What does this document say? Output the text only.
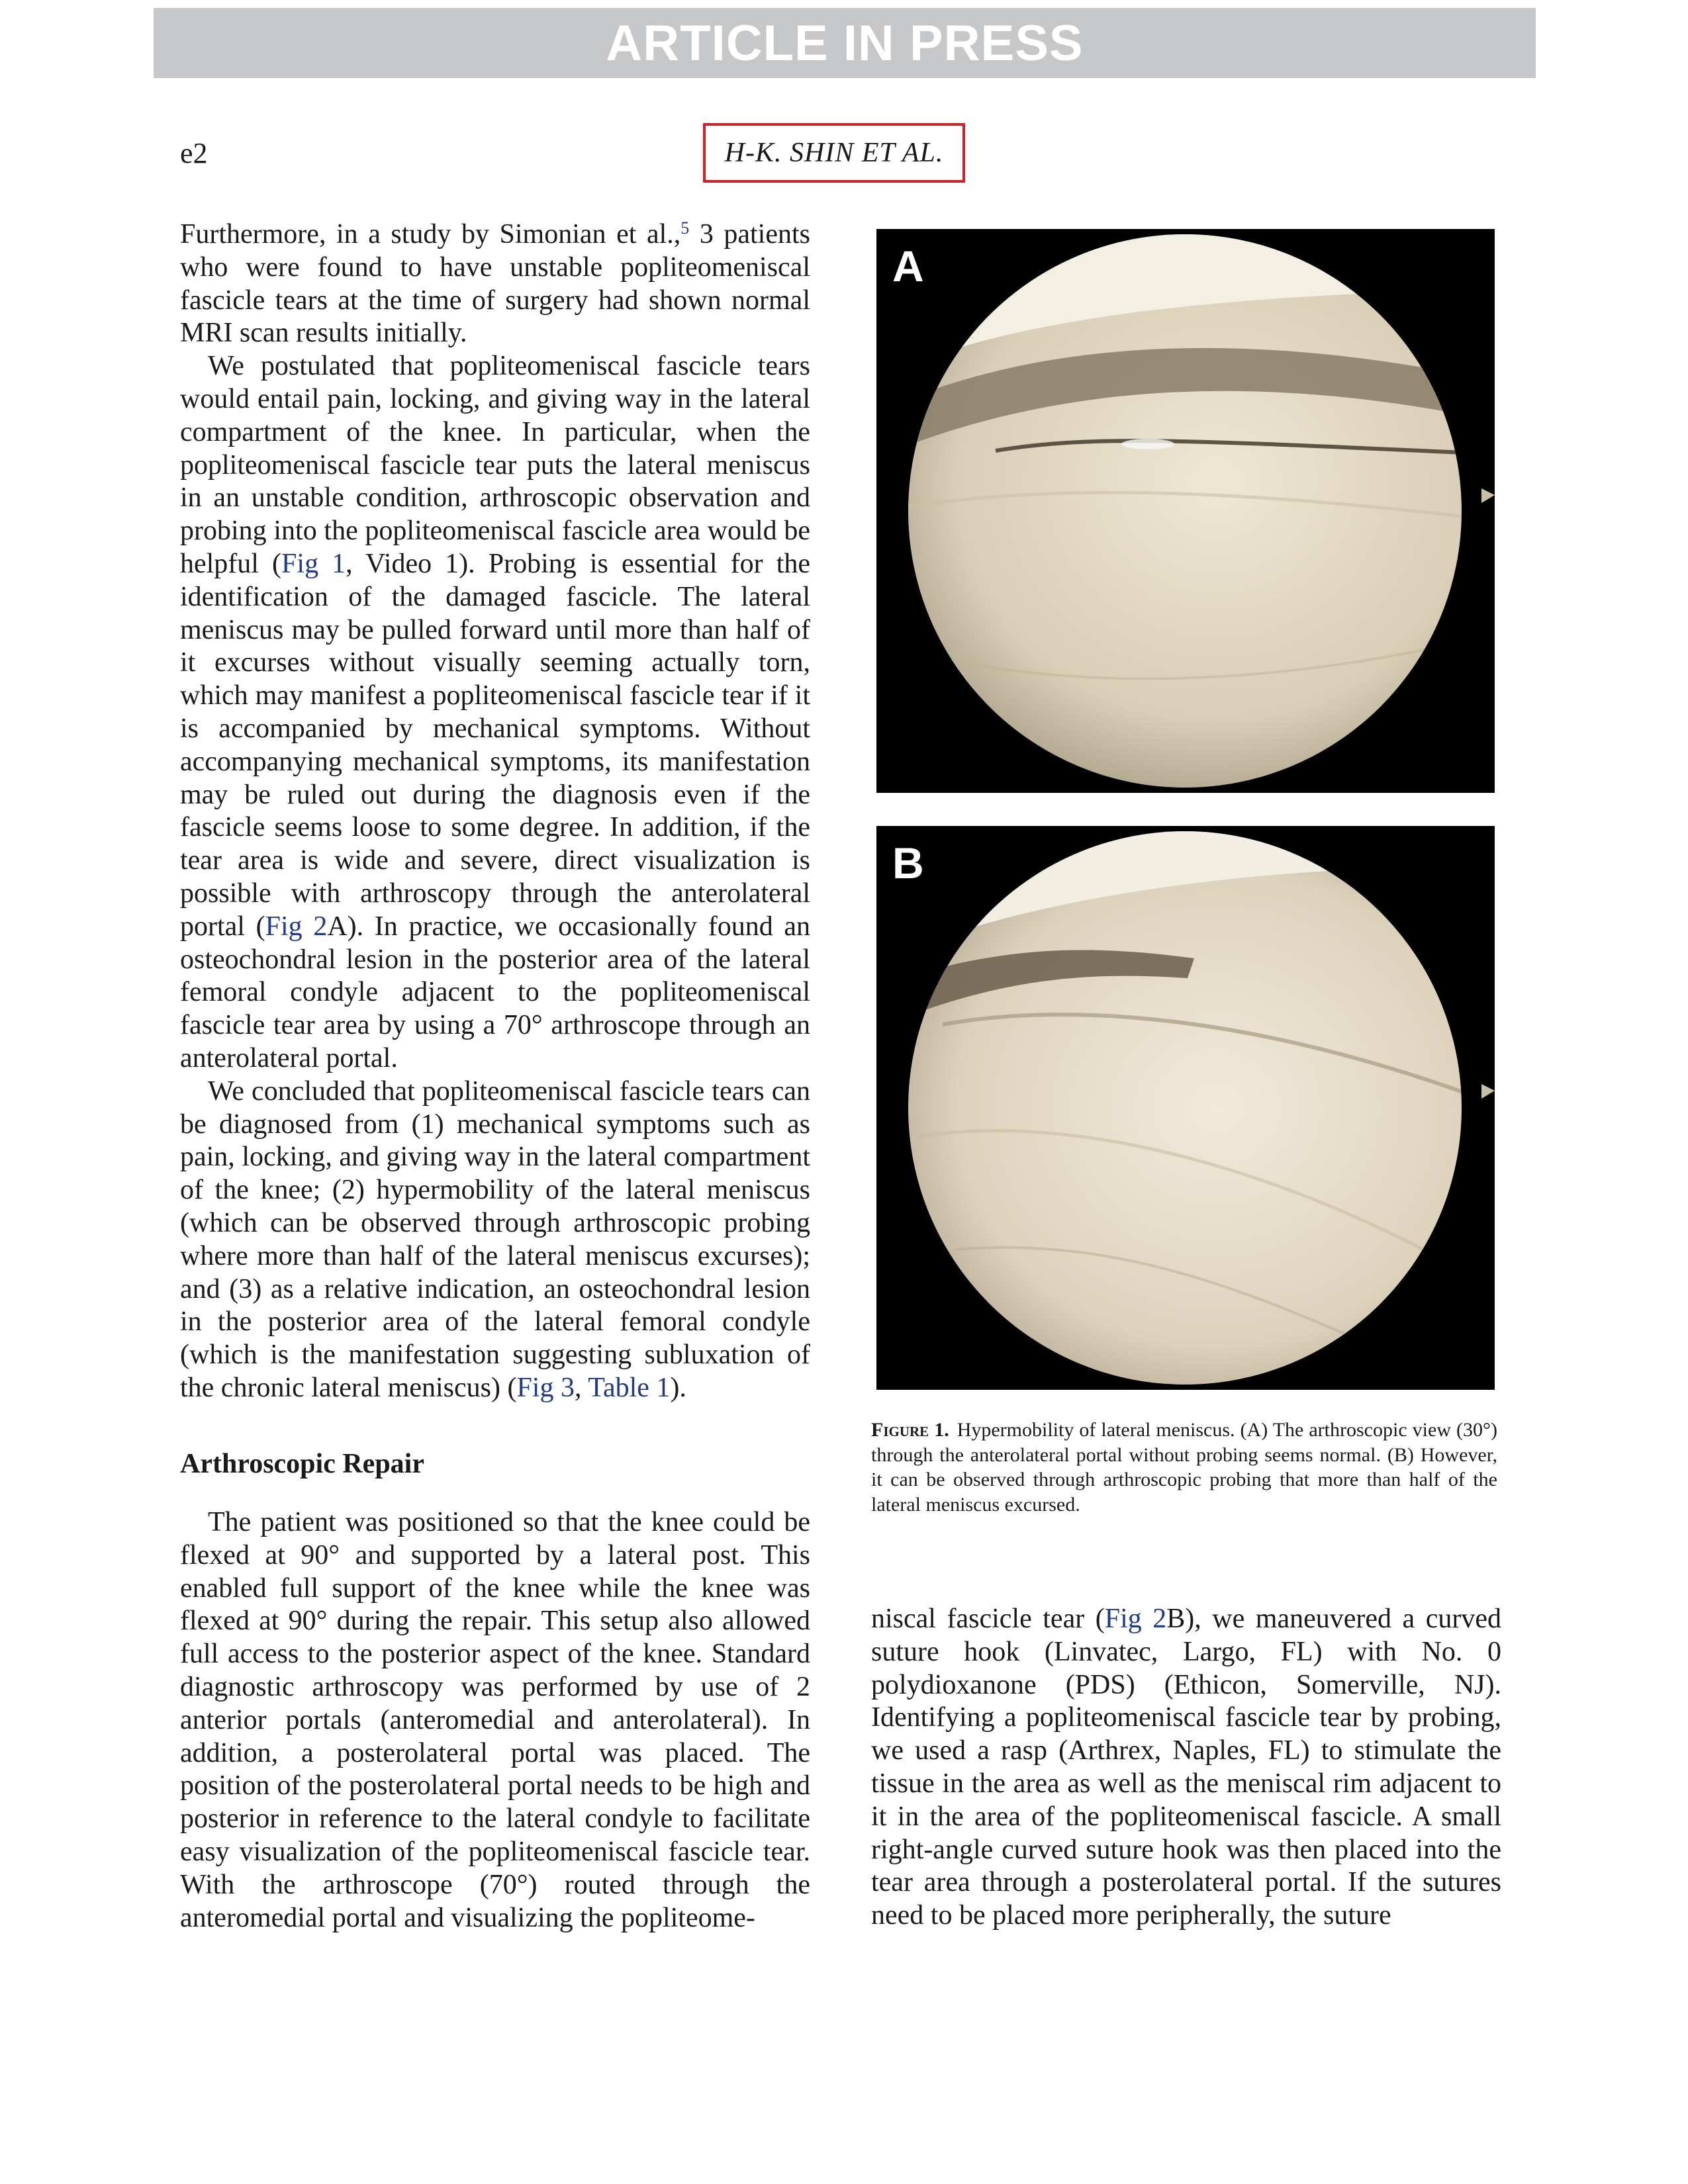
ARTICLE IN PRESS
e2	H-K. SHIN ET AL.

Furthermore, in a study by Simonian et al.,$^5$ 3 patients who were found to have unstable popliteomeniscal fascicle tears at the time of surgery had shown normal MRI scan results initially.

We postulated that popliteomeniscal fascicle tears would entail pain, locking, and giving way in the lateral compartment of the knee. In particular, when the popliteomeniscal fascicle tear puts the lateral meniscus in an unstable condition, arthroscopic observation and probing into the popliteomeniscal fascicle area would be helpful (Fig 1, Video 1). Probing is essential for the identification of the damaged fascicle. The lateral meniscus may be pulled forward until more than half of it excurses without visually seeming actually torn, which may manifest a popliteomeniscal fascicle tear if it is accompanied by mechanical symptoms. Without accompanying mechanical symptoms, its manifestation may be ruled out during the diagnosis even if the fascicle seems loose to some degree. In addition, if the tear area is wide and severe, direct visualization is possible with arthroscopy through the anterolateral portal (Fig 2A). In practice, we occasionally found an osteochondral lesion in the posterior area of the lateral femoral condyle adjacent to the popliteomeniscal fascicle tear area by using a 70° arthroscope through an anterolateral portal.

We concluded that popliteomeniscal fascicle tears can be diagnosed from (1) mechanical symptoms such as pain, locking, and giving way in the lateral compartment of the knee; (2) hypermobility of the lateral meniscus (which can be observed through arthroscopic probing where more than half of the lateral meniscus excurses); and (3) as a relative indication, an osteochondral lesion in the posterior area of the lateral femoral condyle (which is the manifestation suggesting subluxation of the chronic lateral meniscus) (Fig 3, Table 1).

Arthroscopic Repair

The patient was positioned so that the knee could be flexed at 90° and supported by a lateral post. This enabled full support of the knee while the knee was flexed at 90° during the repair. This setup also allowed full access to the posterior aspect of the knee. Standard diagnostic arthroscopy was performed by use of 2 anterior portals (anteromedial and anterolateral). In addition, a posterolateral portal was placed. The position of the posterolateral portal needs to be high and posterior in reference to the lateral condyle to facilitate easy visualization of the popliteomeniscal fascicle tear. With the arthroscope (70°) routed through the anteromedial portal and visualizing the popliteome-

A
B
Figure 1. Hypermobility of lateral meniscus. (A) The arthroscopic view (30°) through the anterolateral portal without probing seems normal. (B) However, it can be observed through arthroscopic probing that more than half of the lateral meniscus excursed.

niscal fascicle tear (Fig 2B), we maneuvered a curved suture hook (Linvatec, Largo, FL) with No. 0 polydioxanone (PDS) (Ethicon, Somerville, NJ). Identifying a popliteomeniscal fascicle tear by probing, we used a rasp (Arthrex, Naples, FL) to stimulate the tissue in the area as well as the meniscal rim adjacent to it in the area of the popliteomeniscal fascicle. A small right-angle curved suture hook was then placed into the tear area through a posterolateral portal. If the sutures need to be placed more peripherally, the suture
